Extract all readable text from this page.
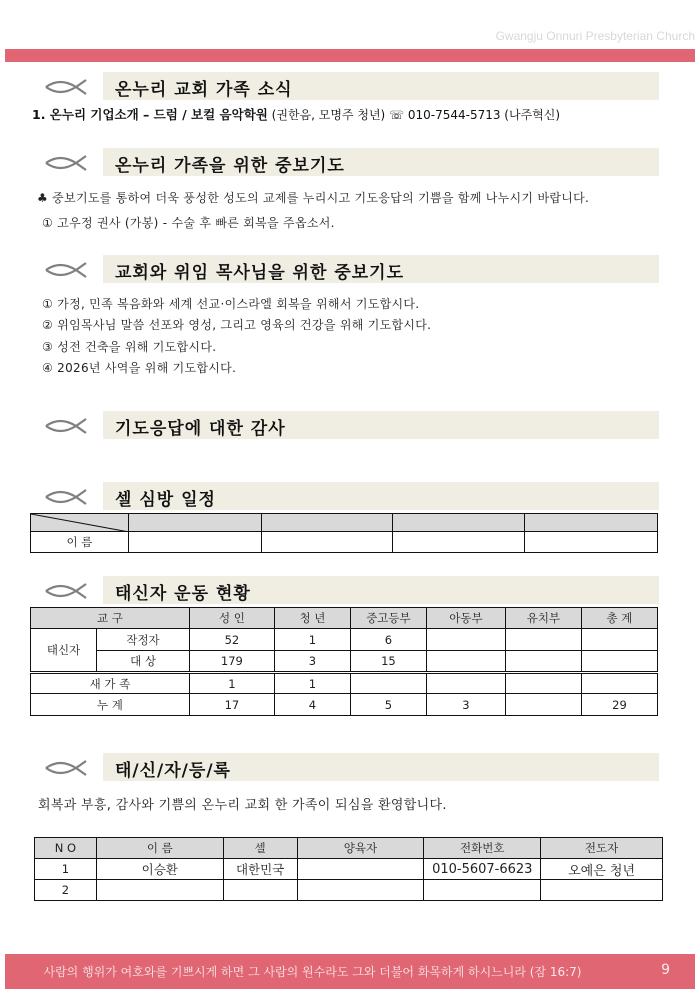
Gwangju Onnuri Presbyterian Church
온누리 교회 가족 소식
1. 온누리 기업소개 – 드럼 / 보컬 음악학원 (권한음, 모명주 청년) ☏ 010-7544-5713 (나주혁신)
온누리 가족을 위한 중보기도
♣ 중보기도를 통하여 더욱 풍성한 성도의 교제를 누리시고 기도응답의 기쁨을 함께 나누시기 바랍니다.
① 고우정 권사 (가봉) - 수술 후 빠른 회복을 주옵소서.
교회와 위임 목사님을 위한 중보기도
① 가정, 민족 복음화와 세계 선교·이스라엘 회복을 위해서 기도합시다.
② 위임목사님 말씀 선포와 영성, 그리고 영육의 건강을 위해 기도합시다.
③ 성전 건축을 위해 기도합시다.
④ 2026년 사역을 위해 기도합시다.
기도응답에 대한 감사
셀 심방 일정

이 름				
태신자 운동 현황
교 구		성 인	청 년	중고등부	아동부	유치부	총 계
태신자	작정자	52	1	6			
	대 상	179	3	15			
새 가 족		1	1				
누 계		17	4	5	3		29
태/신/자/등/록
회복과 부흥, 감사와 기쁨의 온누리 교회 한 가족이 되심을 환영합니다.
N O	이 름	셀	양육자	전화번호	전도자
1	이승환	대한민국		010-5607-6623	오예은 청년
2					
사람의 행위가 여호와를 기쁘시게 하면 그 사람의 원수라도 그와 더불어 화목하게 하시느니라 (잠 16:7)	9
